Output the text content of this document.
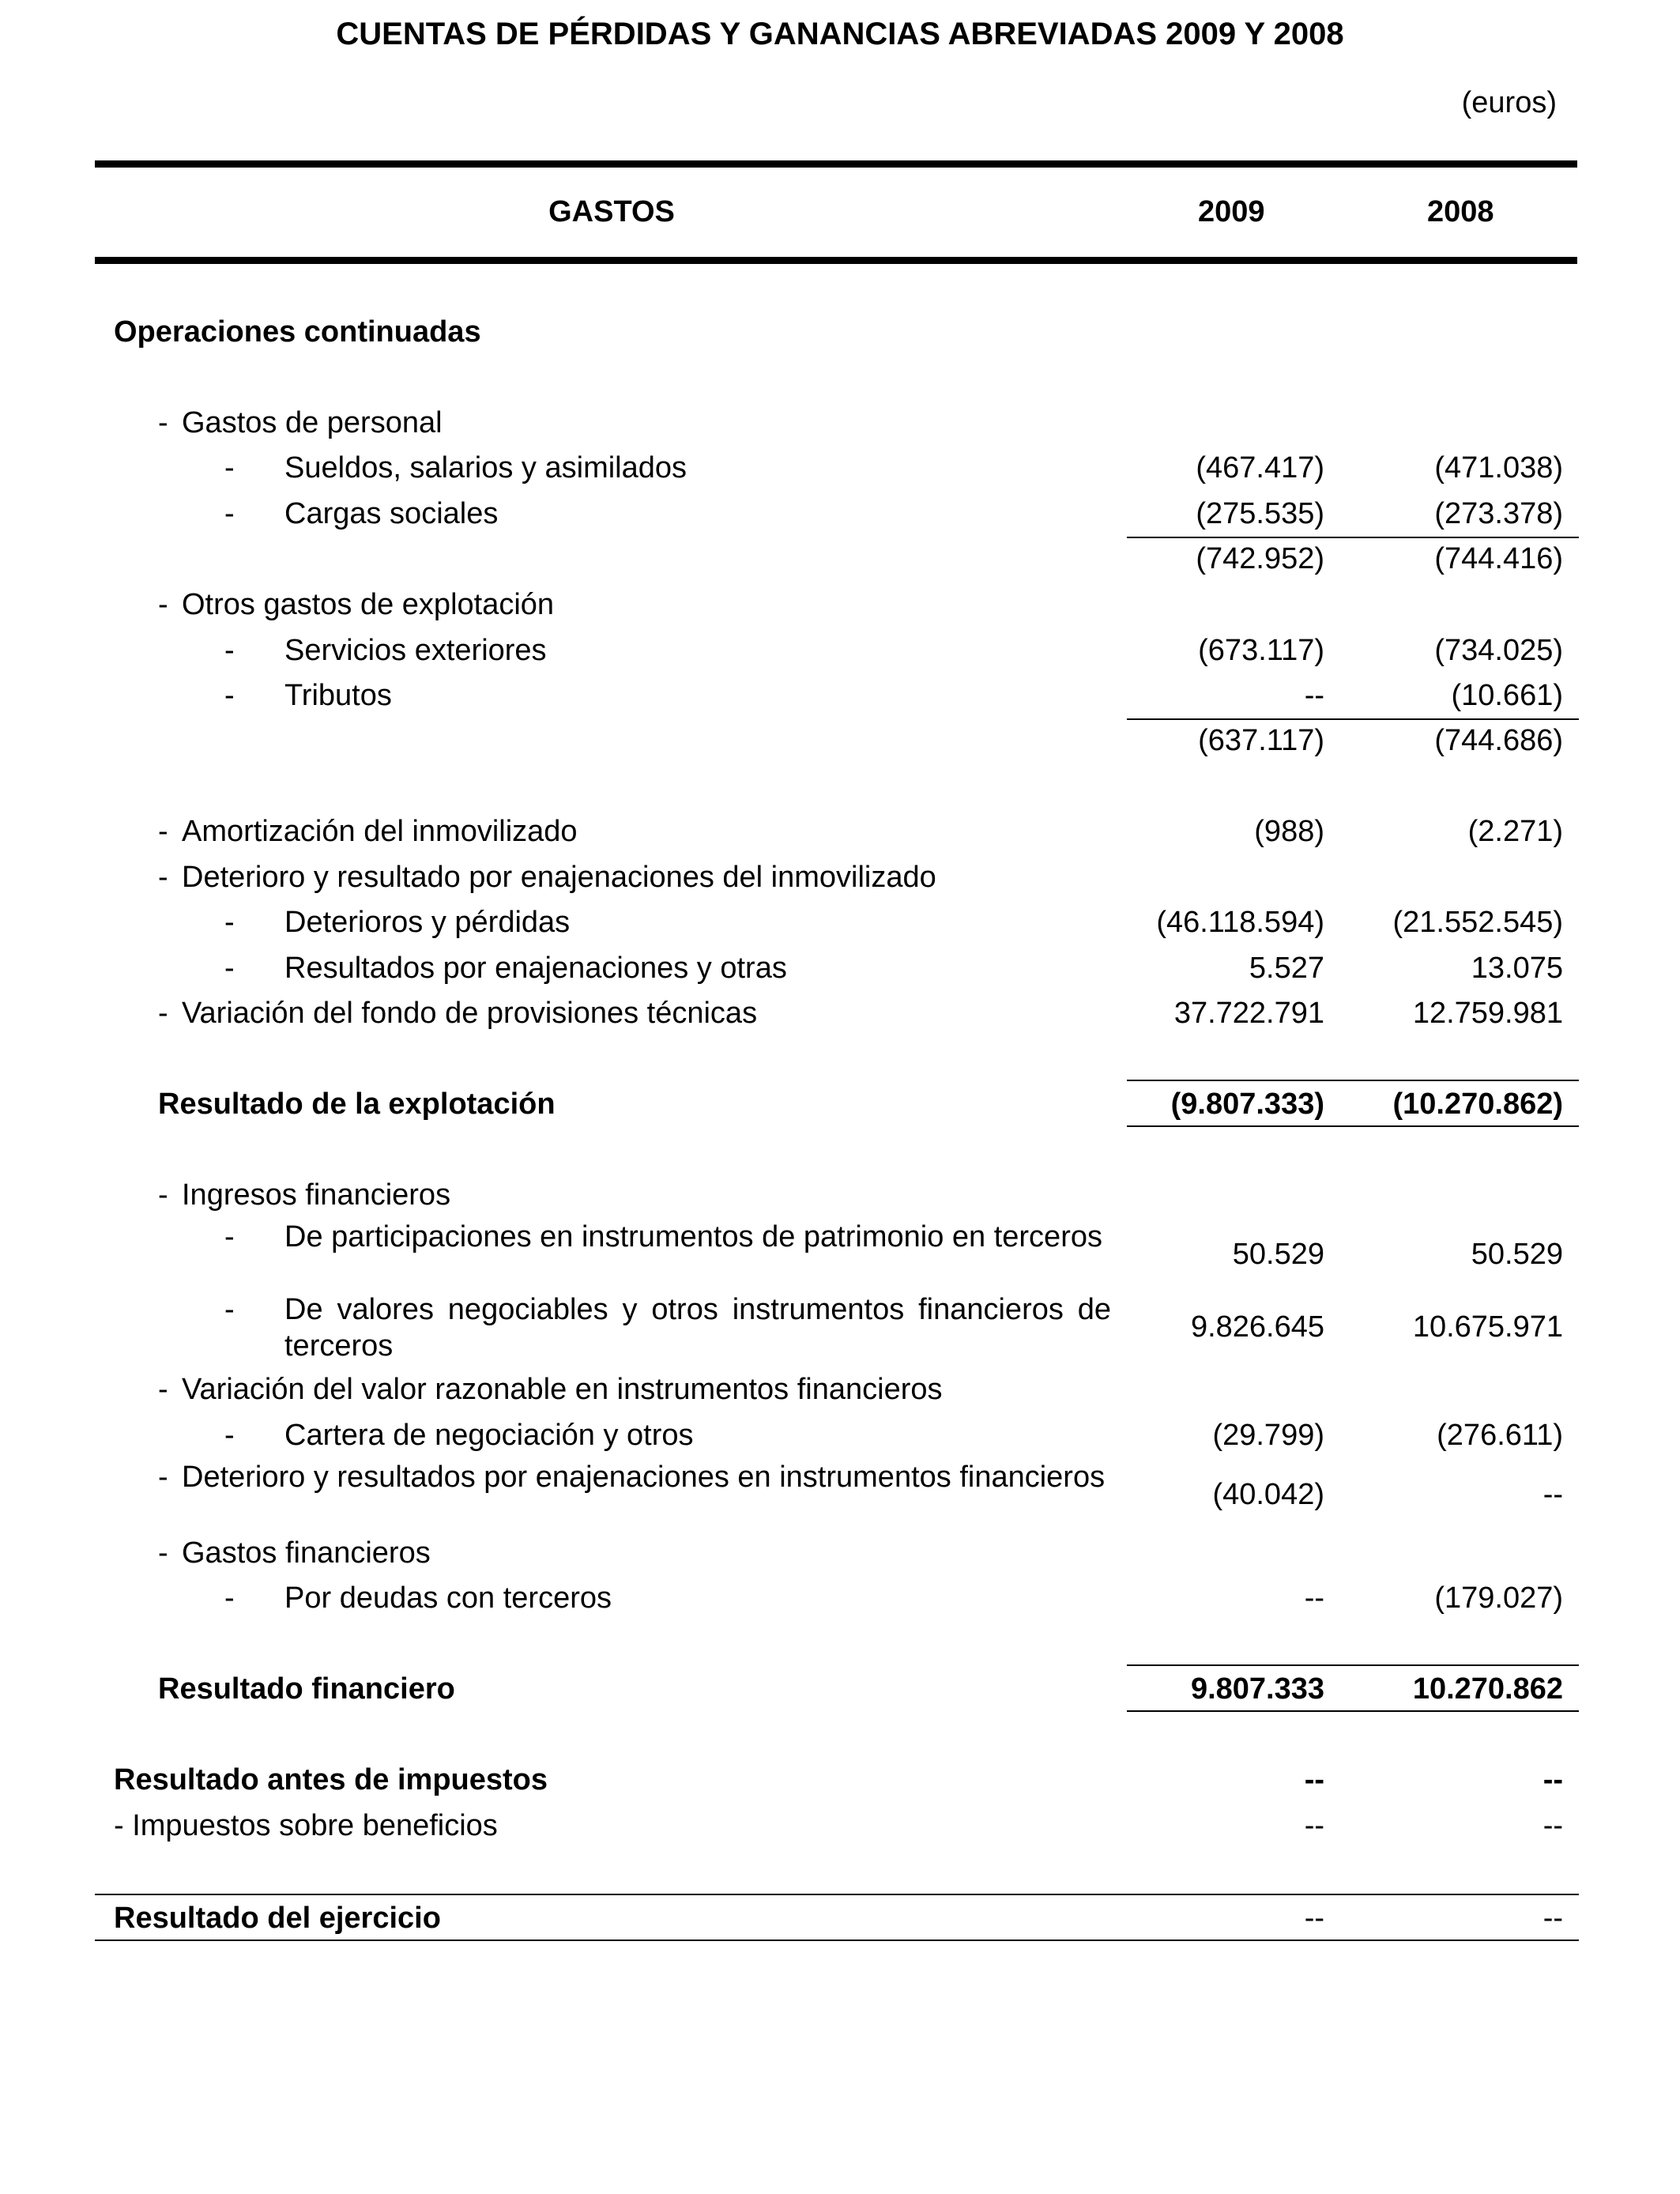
CUENTAS DE PÉRDIDAS Y GANANCIAS ABREVIADAS 2009 Y 2008
(euros)
GASTOS	2009	2008
Operaciones continuadas
- Gastos de personal
- Sueldos, salarios y asimilados	(467.417)	(471.038)
- Cargas sociales	(275.535)	(273.378)
(742.952)	(744.416)
- Otros gastos de explotación
- Servicios exteriores	(673.117)	(734.025)
- Tributos	--	(10.661)
(637.117)	(744.686)
- Amortización del inmovilizado	(988)	(2.271)
- Deterioro y resultado por enajenaciones del inmovilizado
- Deterioros y pérdidas	(46.118.594)	(21.552.545)
- Resultados por enajenaciones y otras	5.527	13.075
- Variación del fondo de provisiones técnicas	37.722.791	12.759.981
Resultado de la explotación	(9.807.333)	(10.270.862)
- Ingresos financieros
- De participaciones en instrumentos de patrimonio en terceros
50.529	50.529
- De valores negociables y otros instrumentos financieros de terceros
9.826.645	10.675.971
- Variación del valor razonable en instrumentos financieros
- Cartera de negociación y otros	(29.799)	(276.611)
- Deterioro y resultados por enajenaciones en instrumentos financieros
(40.042)	--
- Gastos financieros
- Por deudas con terceros	--	(179.027)
Resultado financiero	9.807.333	10.270.862
Resultado antes de impuestos	--	--
- Impuestos sobre beneficios	--	--
Resultado del ejercicio	--	--
